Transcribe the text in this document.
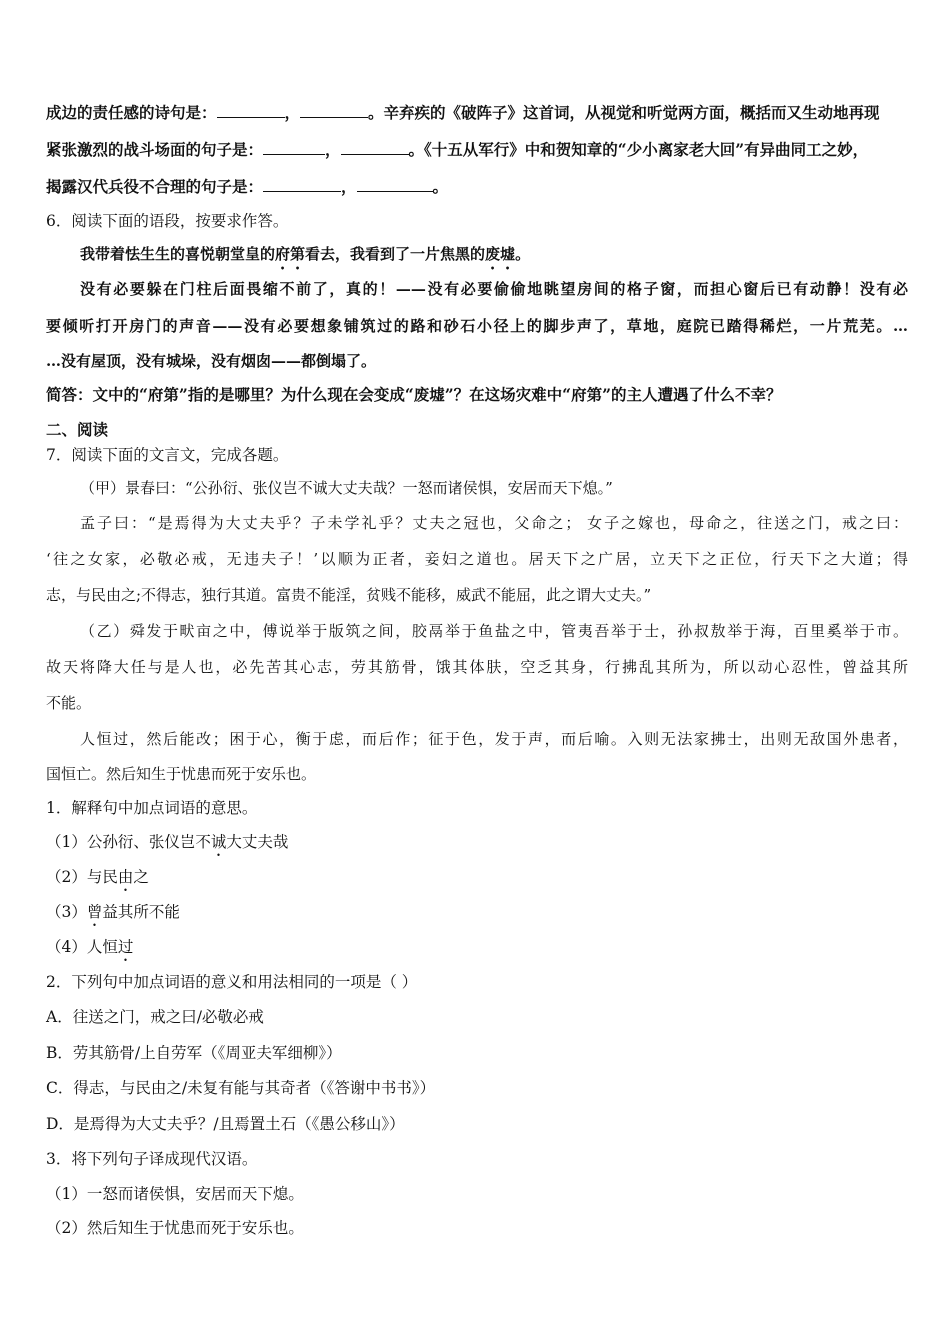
成边的责任感的诗句是：	，	。辛弃疾的《破阵子》这首词，从视觉和听觉两方面，概括而又生动地再现
紧张激烈的战斗场面的句子是：	，	。《十五从军行》中和贺知章的“少小离家老大回”有异曲同工之妙，
揭露汉代兵役不合理的句子是：	，	。
6．阅读下面的语段，按要求作答。
我带着怯生生的喜悦朝堂皇的府第看去，我看到了一片焦黑的废墟。
没有必要躲在门柱后面畏缩不前了，真的！——没有必要偷偷地眺望房间的格子窗，而担心窗后已有动静！没有必
要倾听打开房门的声音——没有必要想象铺筑过的路和砂石小径上的脚步声了，草地，庭院已踏得稀烂，一片荒芜。…
…没有屋顶，没有城垛，没有烟囱——都倒塌了。
简答：文中的“府第”指的是哪里？为什么现在会变成“废墟”？在这场灾难中“府第”的主人遭遇了什么不幸？
二、阅读
7．阅读下面的文言文，完成各题。
（甲）景春曰：“公孙衍、张仪岂不诚大丈夫哉？一怒而诸侯惧，安居而天下熄。”
孟子曰：“是焉得为大丈夫乎？子未学礼乎？丈夫之冠也，父命之； 女子之嫁也，母命之，往送之门，戒之曰：
‘往之女家，必敬必戒，无违夫子！’以顺为正者，妾妇之道也。居天下之广居，立天下之正位，行天下之大道；得
志，与民由之;不得志，独行其道。富贵不能淫，贫贱不能移，威武不能屈，此之谓大丈夫。”
（乙）舜发于畎亩之中，傅说举于版筑之间，胶鬲举于鱼盐之中，管夷吾举于士，孙叔敖举于海，百里奚举于市。
故天将降大任与是人也，必先苦其心志，劳其筋骨，饿其体肤，空乏其身，行拂乱其所为，所以动心忍性，曾益其所
不能。
人恒过，然后能改；困于心，衡于虑，而后作；征于色，发于声，而后喻。入则无法家拂士，出则无敌国外患者，
国恒亡。然后知生于忧患而死于安乐也。
1．解释句中加点词语的意思。
（1）公孙衍、张仪岂不诚大丈夫哉
（2）与民由之
（3）曾益其所不能
（4）人恒过
2．下列句中加点词语的意义和用法相同的一项是（ ）
A．往送之门，戒之曰/必敬必戒
B．劳其筋骨/上自劳军（《周亚夫军细柳》）
C．得志，与民由之/未复有能与其奇者（《答谢中书书》）
D．是焉得为大丈夫乎？/且焉置土石（《愚公移山》）
3．将下列句子译成现代汉语。
（1）一怒而诸侯惧，安居而天下熄。
（2）然后知生于忧患而死于安乐也。
